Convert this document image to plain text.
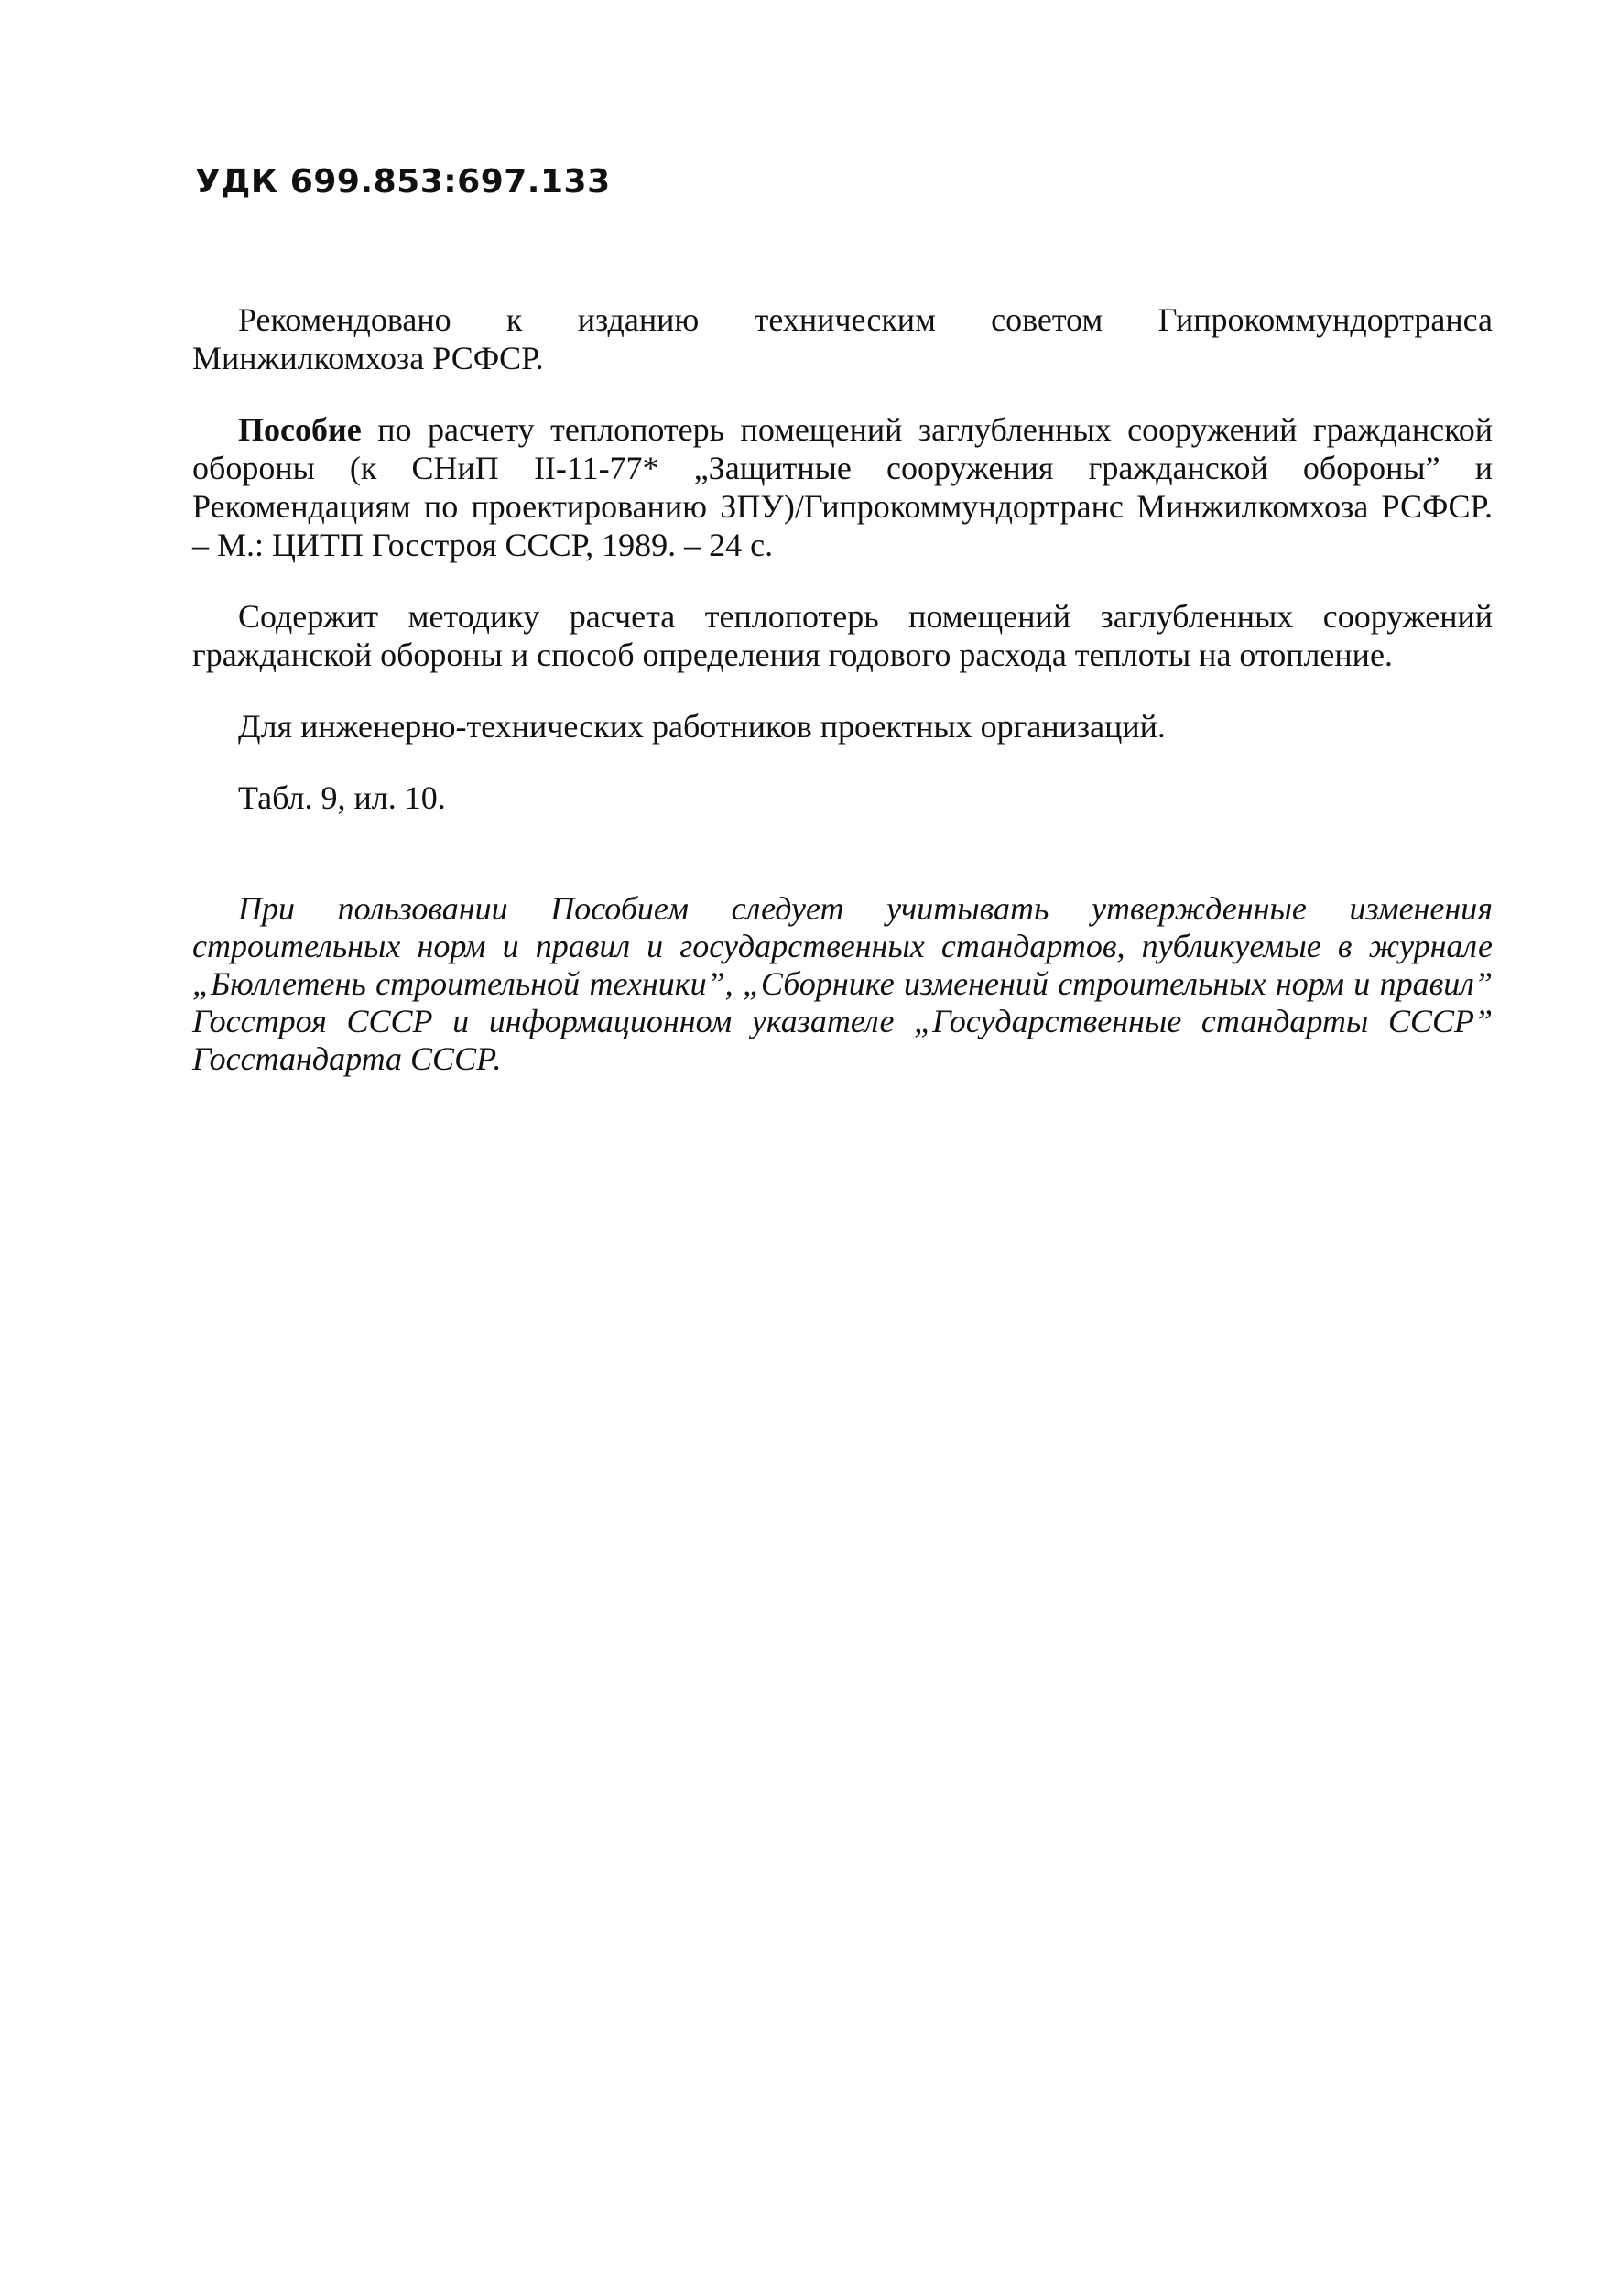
УДК 699.853:697.133

Рекомендовано к изданию техническим советом Гипрокоммундортранса Минжилкомхоза РСФСР.

Пособие по расчету теплопотерь помещений заглубленных сооружений гражданской обороны (к СНиП II-11-77* „Защитные сооружения гражданской обороны” и Рекомендациям по проектированию ЗПУ)/Гипрокоммундортранс Минжилкомхоза РСФСР. – М.: ЦИТП Госстроя СССР, 1989. – 24 с.

Содержит методику расчета теплопотерь помещений заглубленных сооружений гражданской обороны и способ определения годового расхода теплоты на отопление.

Для инженерно-технических работников проектных организаций.

Табл. 9, ил. 10.

При пользовании Пособием следует учитывать утвержденные изменения строительных норм и правил и государственных стандартов, публикуемые в журнале „Бюллетень строительной техники”, „Сборнике изменений строительных норм и правил” Госстроя СССР и информационном указателе „Государственные стандарты СССР” Госстандарта СССР.
